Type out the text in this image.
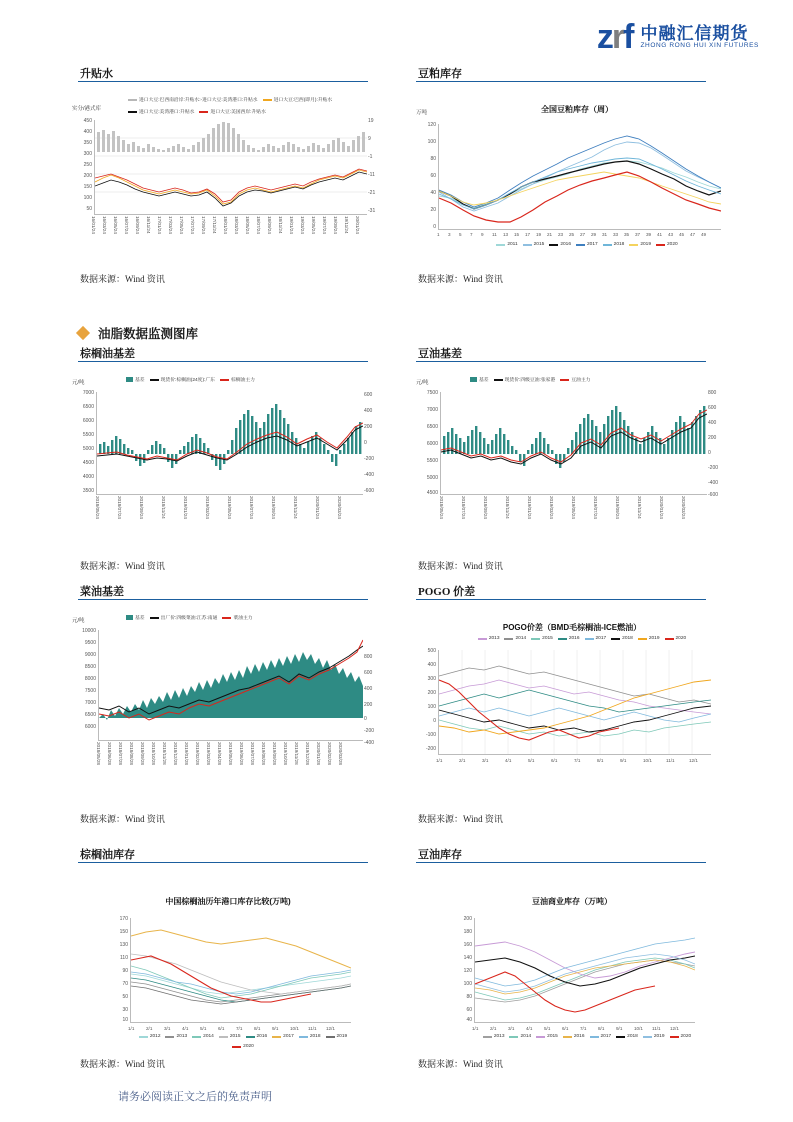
zrf 中融汇信期货
ZHONG RONG HUI XIN FUTURES
升贴水	豆粕库存
实分/港式库
进口大豆:巴西南沿岸:升贴水:-进口大豆:美湾港口:升贴水	进口大豆:巴西(即月):升贴水
进口大豆:美湾港口:升贴水	进口大豆:美国西岸:升贴水
450
400
350
300
250
200
150
100
50
19
9
-1
-11
-21
-31
16/01/24 16/03/24 16/05/24 16/07/24 16/09/24 16/11/24 17/01/24 17/03/24 17/05/24 17/07/24 17/09/24 17/11/24 18/01/24 18/03/24 18/05/24 18/07/24 18/09/24 18/11/24 19/01/24 19/03/24 19/05/24 19/07/24 19/09/24 19/11/24 20/01/24
数据来源：Wind 资讯
万吨	全国豆粕库存（周）
120
100
80
60
40
20
0
1 3 5 7 9 11 13 15 17 19 21 23 25 27 29 31 33 35 37 39 41 43 45 47 49
2011	2015	2016	2017	2018	2019	2020
数据来源：Wind 资讯
油脂数据监测图库
棕榈油基差	豆油基差
元/吨	基差	现货价:棕榈油(24度):广东	棕榈油主力
7000
6500
6000
5500
5000
4500
4000
3500
600
400
200
0
-200
-400
-600
2018/05/24	2018/07/24	2018/09/24	2018/11/24	2019/01/24	2019/03/24	2019/05/24	2019/07/24	2019/09/24	2019/11/24	2020/01/24	2020/03/24
数据来源：Wind 资讯
元/吨	基差	现货价:四级豆油:张家港	豆油主力
7500
7000
6500
6000
5500
5000
4500
800
600
400
200
0
-200
-400
-600
2018/05/24	2018/07/24	2018/09/24	2018/11/24	2019/01/24	2019/03/24	2019/05/24	2019/07/24	2019/09/24	2019/11/24	2020/01/24	2020/03/24
数据来源：Wind 资讯
菜油基差	POGO 价差
元/吨	基差	出厂价:四级菜油:江苏:南通	菜油主力
10000
9500
9000
8500
8000
7500
7000
6500
6000
800
600
400
200
0
-200
-400
2018/05/28 2018/06/28 2018/07/28 2018/08/28 2018/09/28 2018/10/28 2018/11/28 2018/12/28 2019/01/28 2019/02/28 2019/03/28 2019/04/28 2019/05/28 2019/06/28 2019/07/28 2019/08/28 2019/09/28 2019/10/28 2019/11/28 2019/12/28 2020/01/28 2020/02/28 2020/03/28
数据来源：Wind 资讯
POGO价差（BMD毛棕榈油-ICE燃油）
2013	2014	2015	2016	2017	2018	2019	2020
500
400
300
200
100
0
-100
-200
1/1	2/1	3/1	4/1	5/1	6/1	7/1	8/1	9/1	10/1	11/1	12/1
数据来源：Wind 资讯
棕榈油库存	豆油库存
中国棕榈油历年港口库存比较(万吨)
170
150
130
110
90
70
50
30
10
1/1	2/1	3/1	4/1	5/1	6/1	7/1	8/1	9/1	10/1 11/1 12/1
2012	2013	2014	2015	2016	2017	2018	2019
2020
数据来源：Wind 资讯
豆油商业库存（万吨）
200
180
160
140
120
100
80
60
40
1/1	2/1	3/1	4/1	5/1	6/1	7/1	8/1	9/1	10/1 11/1 12/1
2013	2014	2015	2016	2017	2018	2019	2020
数据来源：Wind 资讯
请务必阅读正文之后的免责声明
